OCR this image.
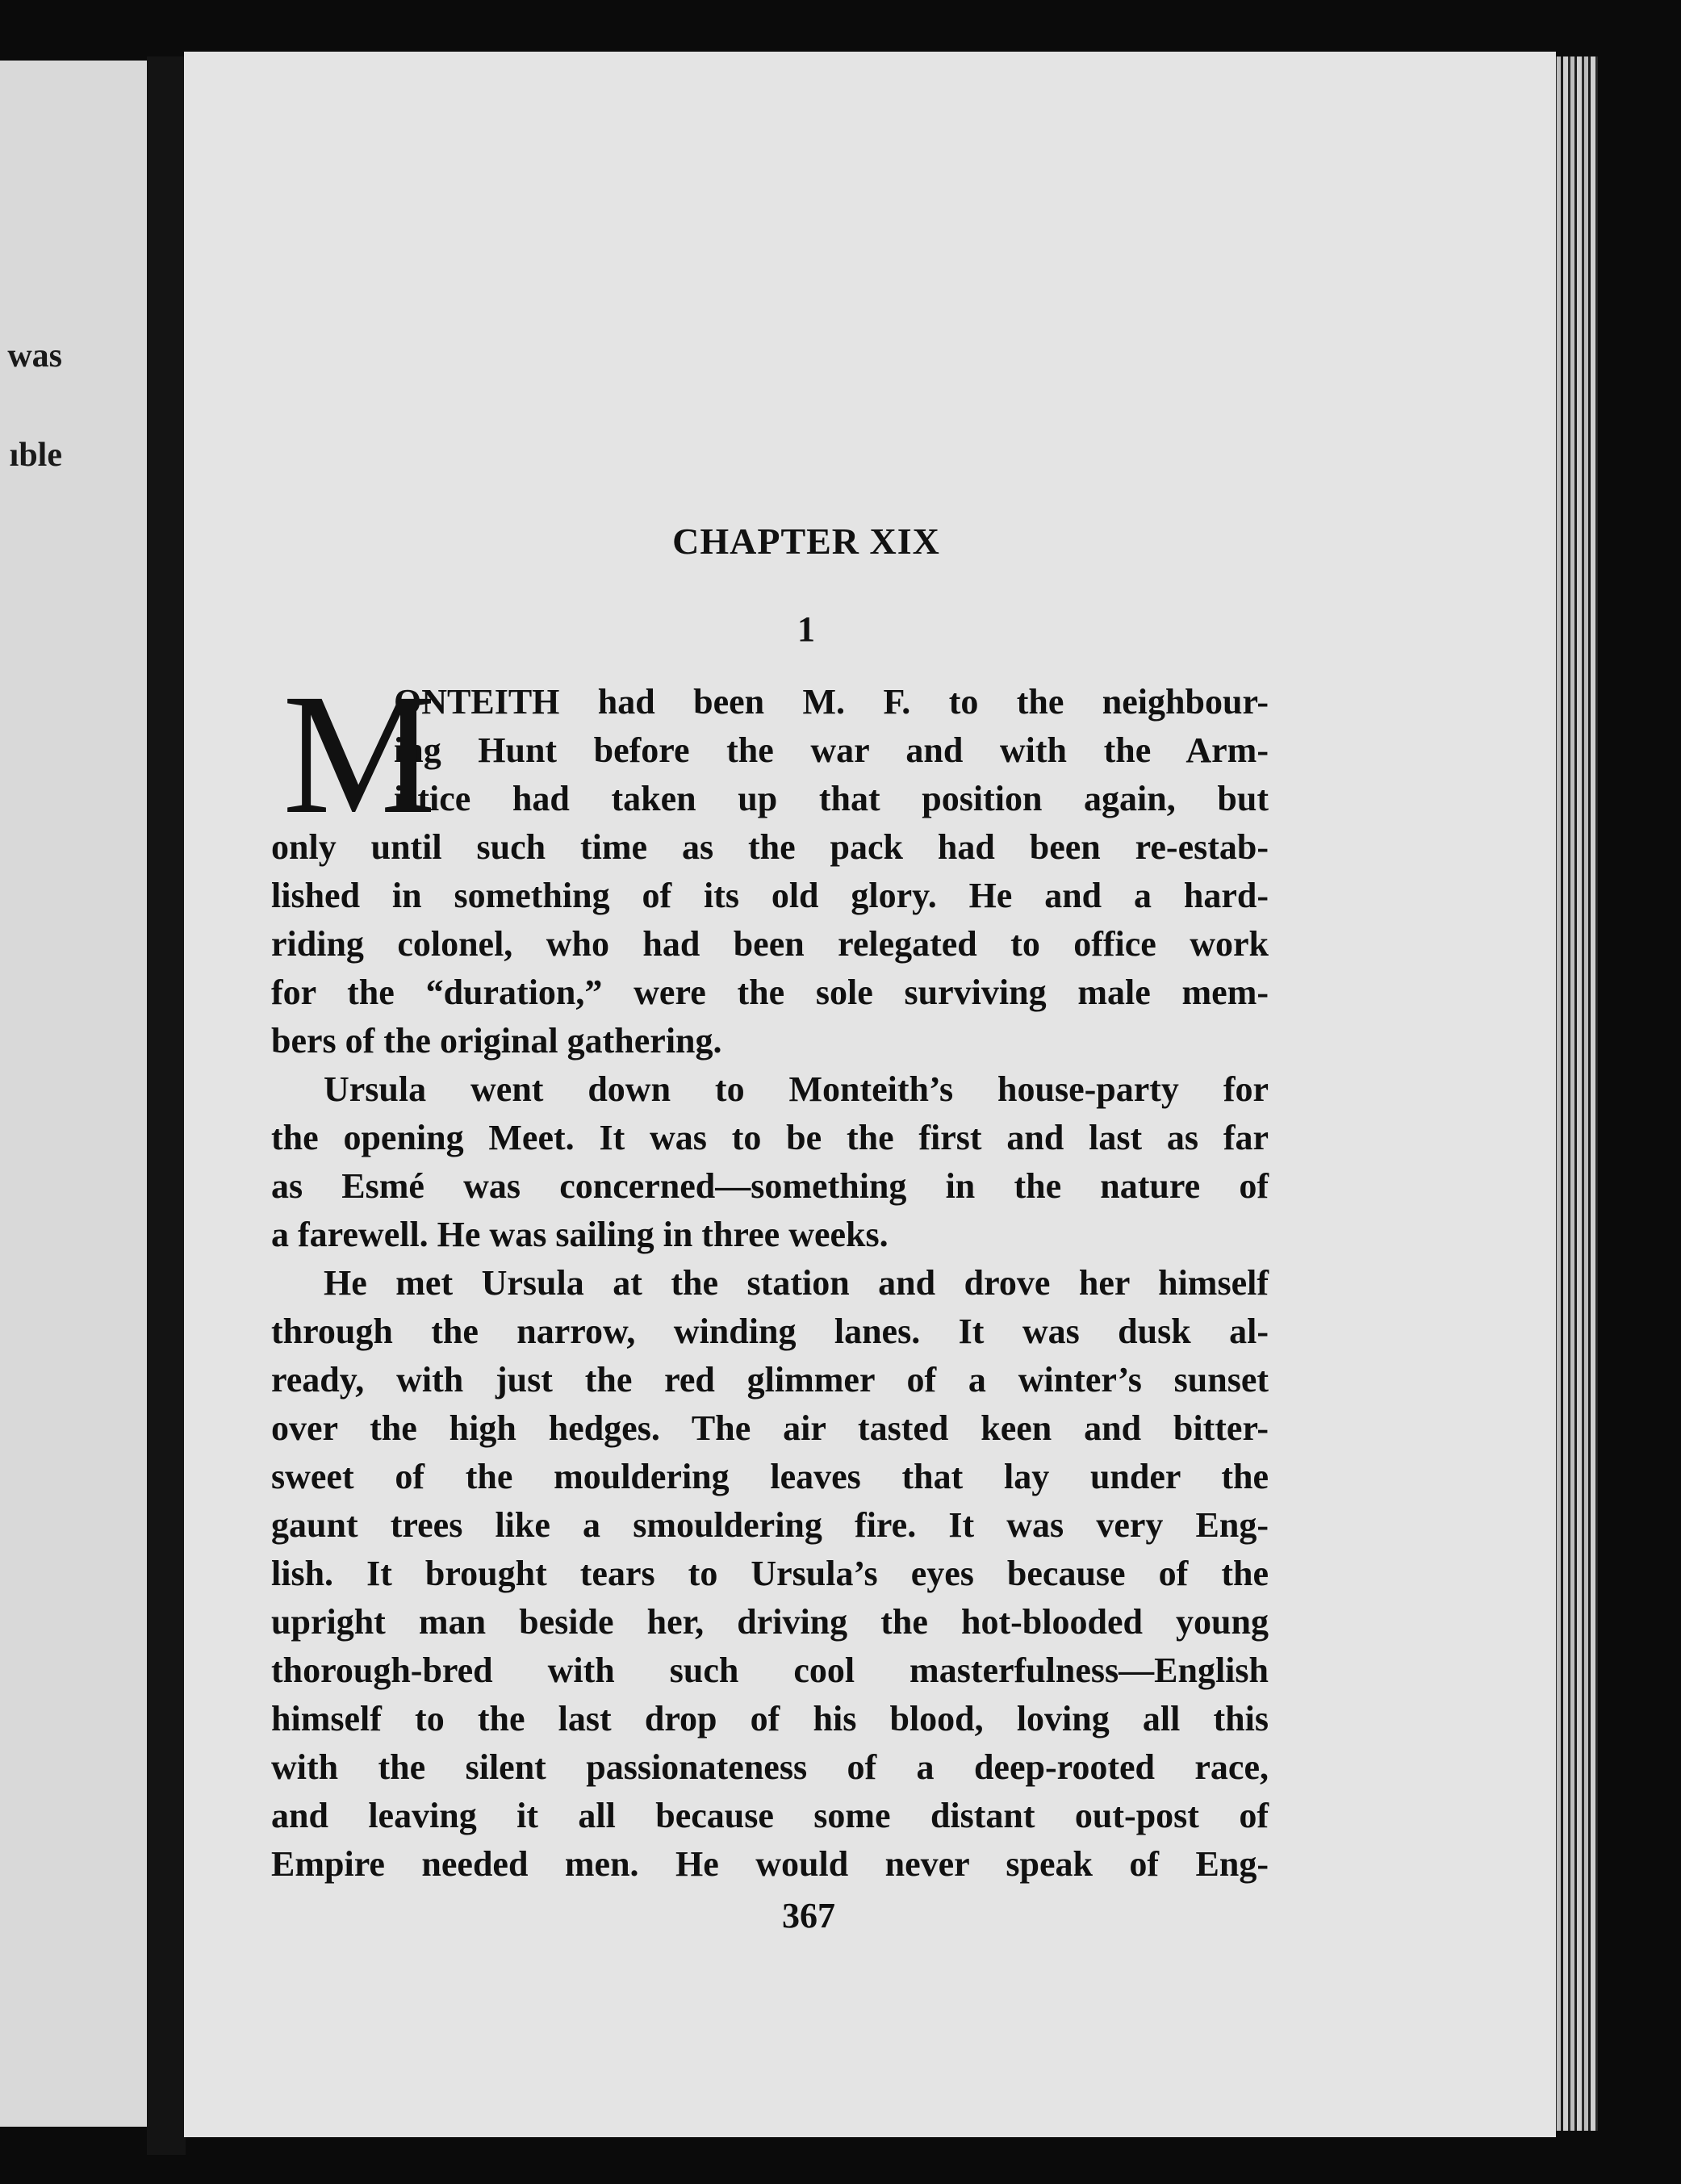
was
ıble
CHAPTER XIX
1
M
ONTEITH had been M. F. to the neighbour-
ing Hunt before the war and with the Arm-
istice had taken up that position again, but
only until such time as the pack had been re-estab-
lished in something of its old glory. He and a hard-
riding colonel, who had been relegated to office work
for the “duration,” were the sole surviving male mem-
bers of the original gathering.
Ursula went down to Monteith’s house-party for
the opening Meet. It was to be the first and last as far
as Esmé was concerned—something in the nature of
a farewell. He was sailing in three weeks.
He met Ursula at the station and drove her himself
through the narrow, winding lanes. It was dusk al-
ready, with just the red glimmer of a winter’s sunset
over the high hedges. The air tasted keen and bitter-
sweet of the mouldering leaves that lay under the
gaunt trees like a smouldering fire. It was very Eng-
lish. It brought tears to Ursula’s eyes because of the
upright man beside her, driving the hot-blooded young
thorough-bred with such cool masterfulness—English
himself to the last drop of his blood, loving all this
with the silent passionateness of a deep-rooted race,
and leaving it all because some distant out-post of
Empire needed men. He would never speak of Eng-
367
